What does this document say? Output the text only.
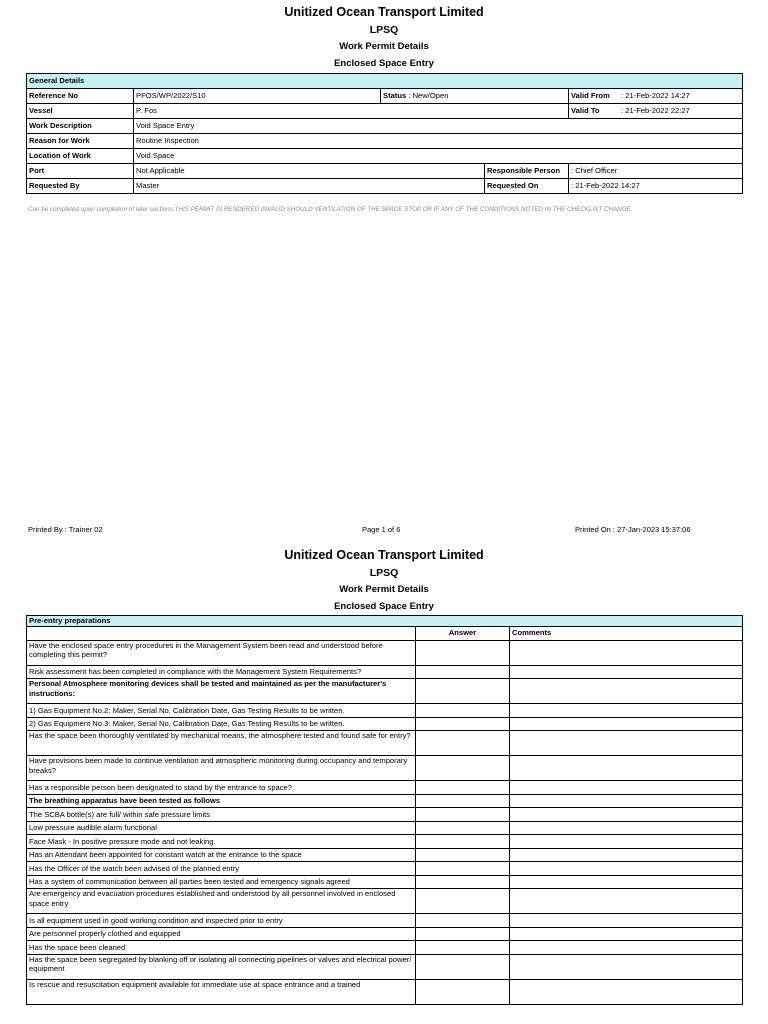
Unitized Ocean Transport Limited
LPSQ
Work Permit Details
Enclosed Space Entry
General Details				
Reference No	PFOS/WP/2022/S10	Status : New/Open		Valid From : 21-Feb-2022 14:27
Vessel	P. Fos			Valid To : 21-Feb-2022 22:27
Work Description	Void Space Entry			
Reason for Work	Routine Inspection			
Location of Work	Void Space			
Port	Not Applicable		Responsible Person	: Chief Officer
Requested By	Master		Requested On	: 21-Feb-2022 14:27
Can be completed upon completion of later sections.THIS PERMIT IS RENDERED INVALID SHOULD VENTILATION OF THE SPACE STOP OR IF ANY OF THE CONDITIONS NOTED IN THE CHECKLIST CHANGE.
Printed By : Trainer 02	Page 1 of 6	Printed On : 27-Jan-2023 15:37:06
Unitized Ocean Transport Limited
LPSQ
Work Permit Details
Enclosed Space Entry
Pre-entry preparations		
	Answer	Comments
Have the enclosed space entry procedures in the Management System been read and understood before completing this permit?		
Risk assessment has been completed in compliance with the Management System Requirements?		
Personal Atmosphere monitoring devices shall be tested and maintained as per the manufacturer's instructions:		
1) Gas Equipment No.2: Maker, Serial No, Calibration Date, Gas Testing Results to be written.		
2) Gas Equipment No.3: Maker, Serial No, Calibration Date, Gas Testing Results to be written.		
Has the space been thoroughly ventilated by mechanical means, the atmosphere tested and found safe for entry?		
Have provisions been made to continue ventilation and atmospheric monitoring during occupancy and temporary breaks?		
Has a responsible person been designated to stand by the entrance to space?		
The breathing apparatus have been tested as follows		
The SCBA bottle(s) are full/ within safe pressure limits		
Low pressure audible alarm functional		
Face Mask - In positive pressure mode and not leaking		
Has an Attendant been appointed for constant watch at the entrance to the space		
Has the Officer of the watch been advised of the planned entry		
Has a system of communication between all parties been tested and emergency signals agreed		
Are emergency and evacuation procedures established and understood by all personnel involved in enclosed space entry		
Is all equipment used in good working condition and inspected prior to entry		
Are personnel properly clothed and equipped		
Has the space been cleaned		
Has the space been segregated by blanking off or isolating all connecting pipelines or valves and electrical power/ equipment		
Is rescue and resuscitation equipment available for immediate use at space entrance and a trained		
